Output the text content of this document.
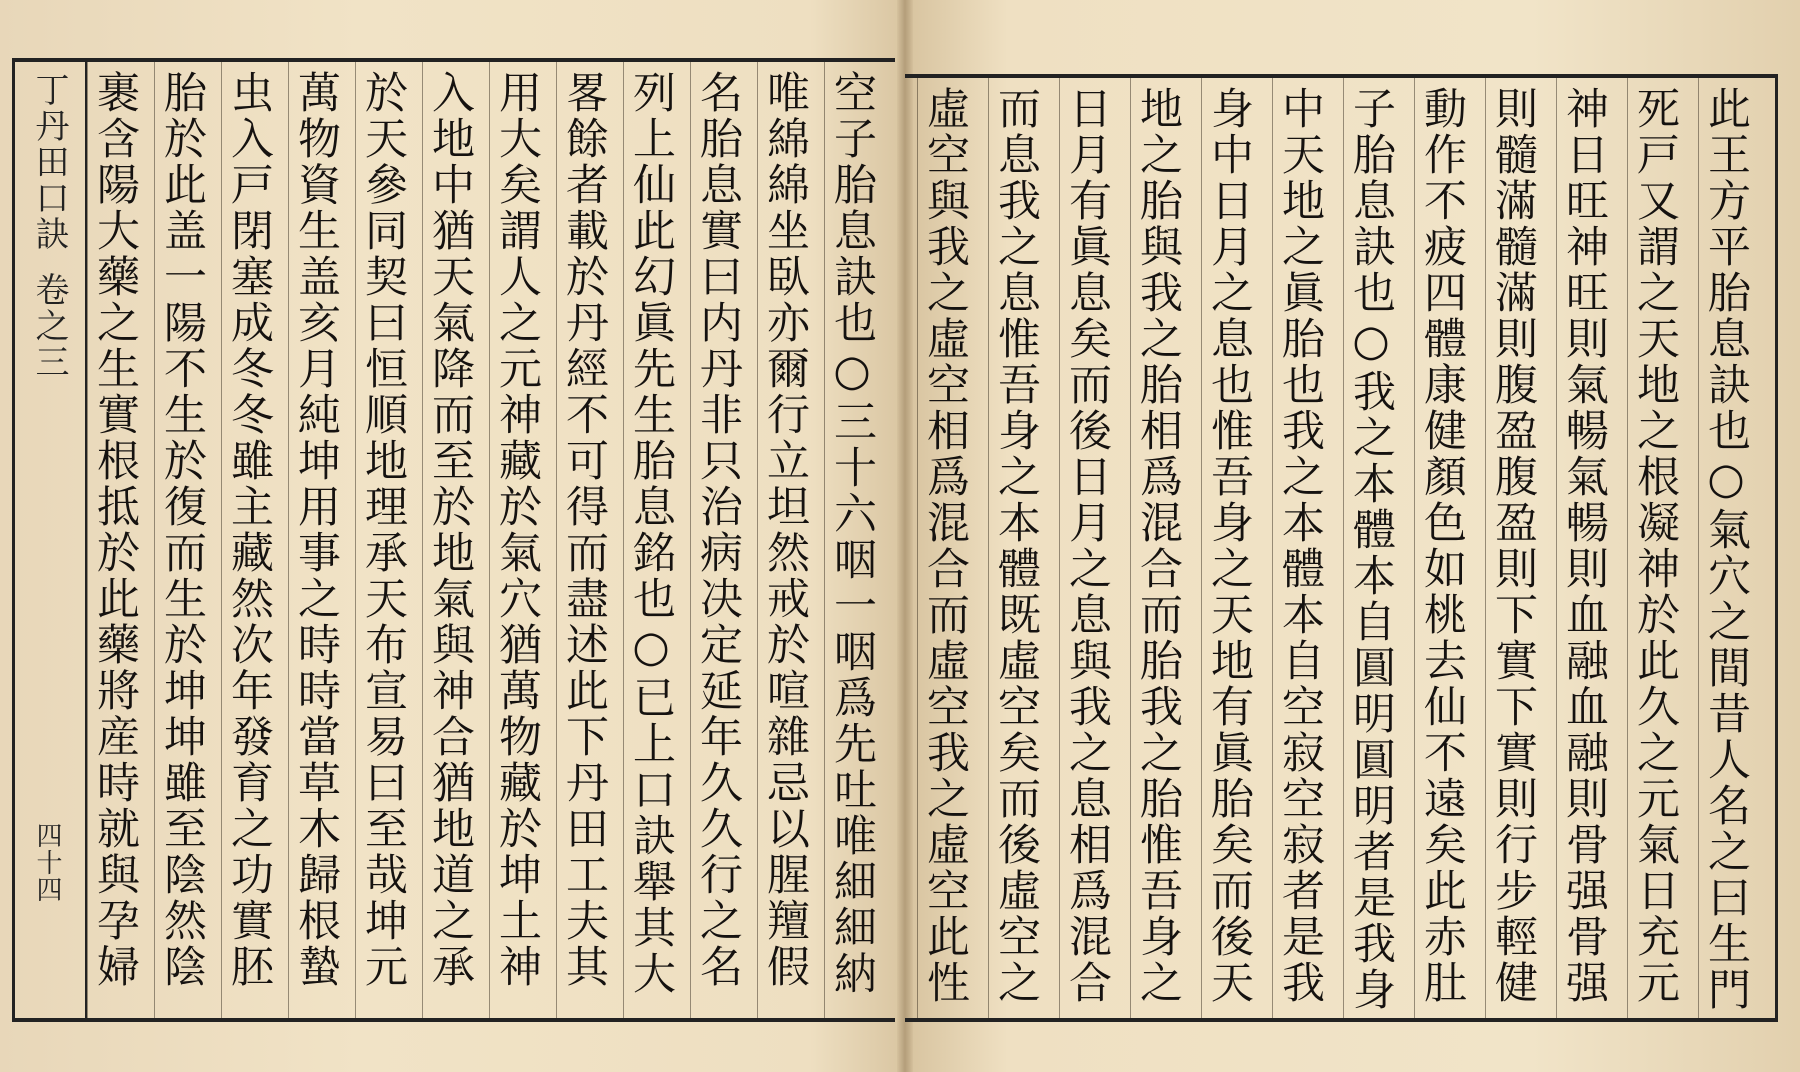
丁丹田口訣
卷之三
四十四 裹含陽大藥之生實根抵於此藥將産時就與孕婦 胎於此盖一陽不生於復而生於坤坤雖至陰然陰 虫入戸閉塞成冬冬雖主藏然次年發育之功實胚 萬物資生盖亥月純坤用事之時時當草木歸根蟄 於天參同契曰恒順地理承天布宣易曰至哉坤元 入地中猶天氣降而至於地氣與神合猶地道之承 用大矣謂人之元神藏於氣穴猶萬物藏於坤土神 畧餘者載於丹經不可得而盡述此下丹田工夫其 列上仙此幻眞先生胎息銘也○已上口訣舉其大 名胎息實曰内丹非只治病决定延年久久行之名 唯綿綿坐臥亦爾行立坦然戒於喧雜忌以腥羶假 空子胎息訣也○三十六咽一咽爲先吐唯細細納 虛空與我之虛空相爲混合而虛空我之虛空此性 而息我之息惟吾身之本體既虛空矣而後虛空之 日月有眞息矣而後日月之息與我之息相爲混合 地之胎與我之胎相爲混合而胎我之胎惟吾身之 身中日月之息也惟吾身之天地有眞胎矣而後天 中天地之眞胎也我之本體本自空寂空寂者是我 子胎息訣也○我之本體本自圓明圓明者是我身 動作不疲四體康健顏色如桃去仙不遠矣此赤肚 則髓滿髓滿則腹盈腹盈則下實下實則行步輕健 神日旺神旺則氣暢氣暢則血融血融則骨强骨强 死戸又謂之天地之根凝神於此久之元氣日充元 此王方平胎息訣也○氣穴之間昔人名之曰生門
